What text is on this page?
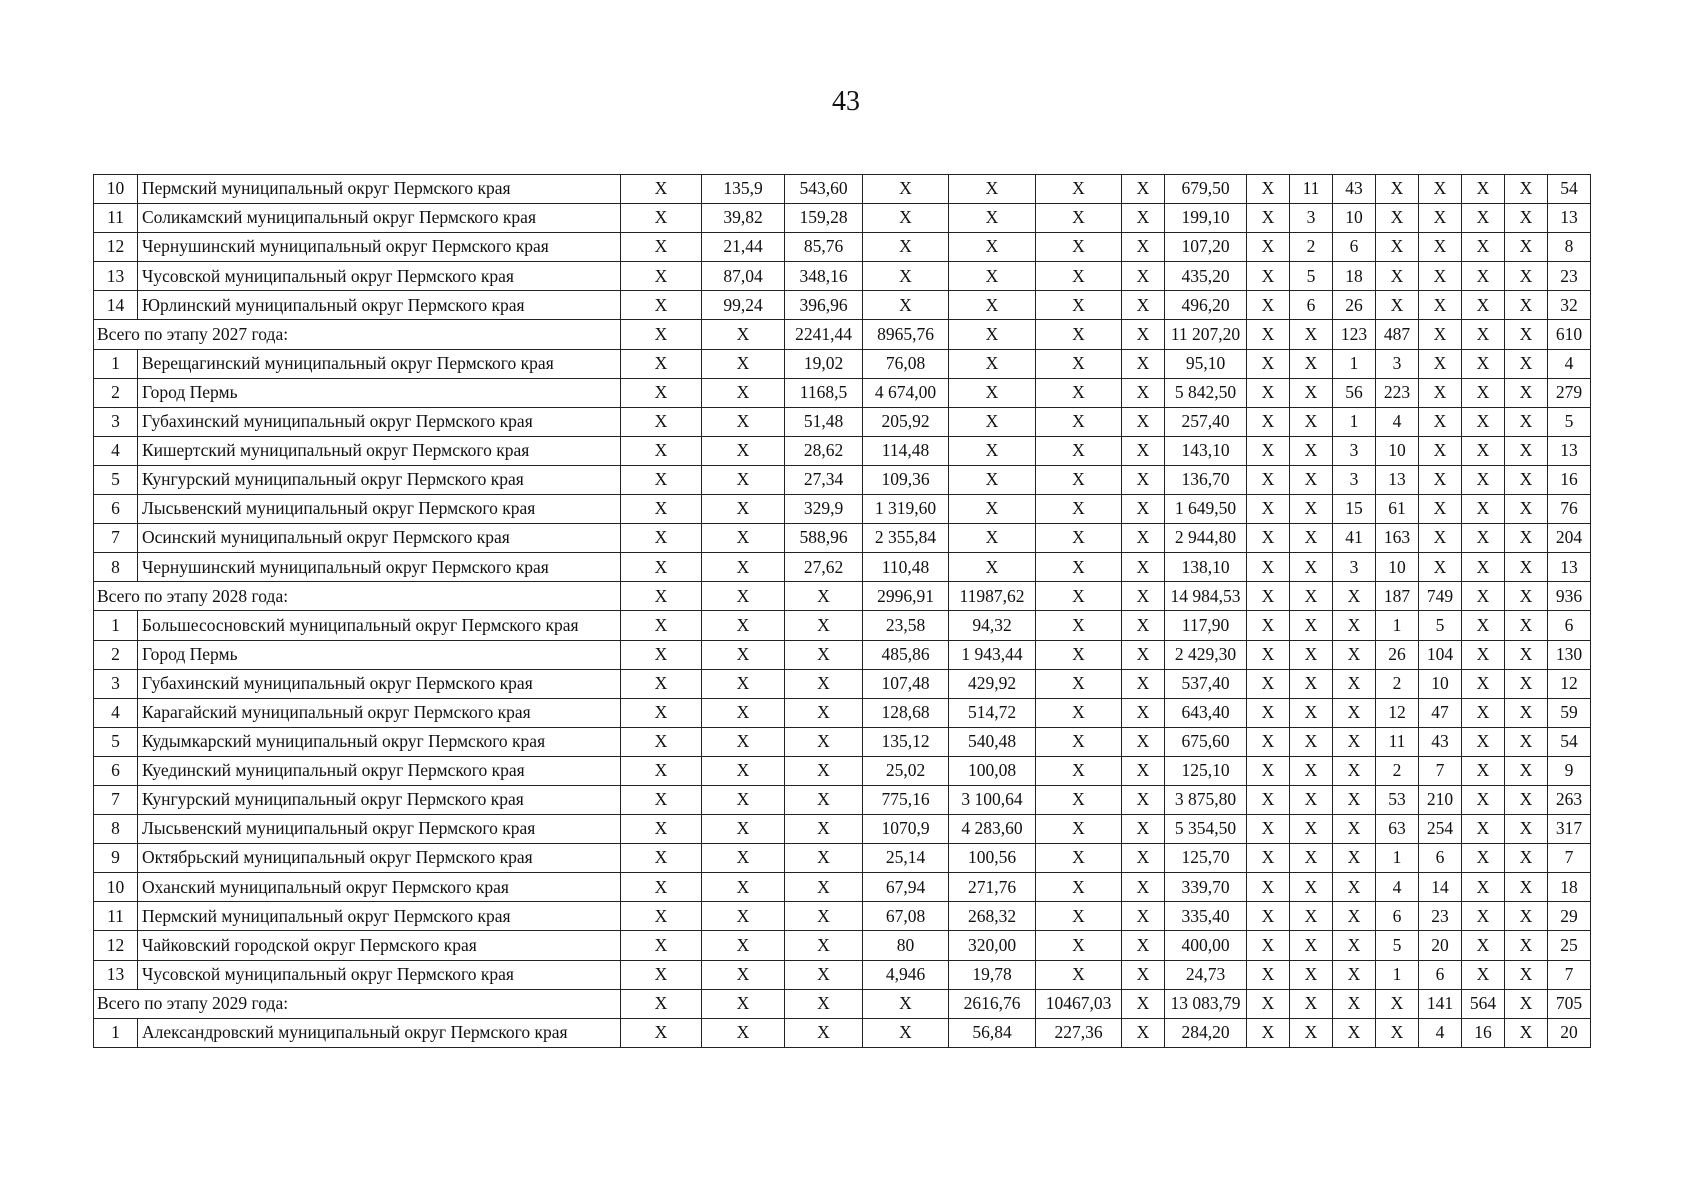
43
10	Пермский муниципальный округ Пермского края	X	135,9	543,60	X	X	X	X	679,50	X	11	43	X	X	X	X	54
11	Соликамский муниципальный округ Пермского края	X	39,82	159,28	X	X	X	X	199,10	X	3	10	X	X	X	X	13
12	Чернушинский муниципальный округ Пермского края	X	21,44	85,76	X	X	X	X	107,20	X	2	6	X	X	X	X	8
13	Чусовской муниципальный округ Пермского края	X	87,04	348,16	X	X	X	X	435,20	X	5	18	X	X	X	X	23
14	Юрлинский муниципальный округ Пермского края	X	99,24	396,96	X	X	X	X	496,20	X	6	26	X	X	X	X	32
Всего по этапу 2027 года:		X	X	2241,44	8965,76	X	X	X	11 207,20	X	X	123	487	X	X	X	610
1	Верещагинский муниципальный округ Пермского края	X	X	19,02	76,08	X	X	X	95,10	X	X	1	3	X	X	X	4
2	Город Пермь	X	X	1168,5	4 674,00	X	X	X	5 842,50	X	X	56	223	X	X	X	279
3	Губахинский муниципальный округ Пермского края	X	X	51,48	205,92	X	X	X	257,40	X	X	1	4	X	X	X	5
4	Кишертский муниципальный округ Пермского края	X	X	28,62	114,48	X	X	X	143,10	X	X	3	10	X	X	X	13
5	Кунгурский муниципальный округ Пермского края	X	X	27,34	109,36	X	X	X	136,70	X	X	3	13	X	X	X	16
6	Лысьвенский муниципальный округ Пермского края	X	X	329,9	1 319,60	X	X	X	1 649,50	X	X	15	61	X	X	X	76
7	Осинский муниципальный округ Пермского края	X	X	588,96	2 355,84	X	X	X	2 944,80	X	X	41	163	X	X	X	204
8	Чернушинский муниципальный округ Пермского края	X	X	27,62	110,48	X	X	X	138,10	X	X	3	10	X	X	X	13
Всего по этапу 2028 года:		X	X	X	2996,91	11987,62	X	X	14 984,53	X	X	X	187	749	X	X	936
1	Большесосновский муниципальный округ Пермского края	X	X	X	23,58	94,32	X	X	117,90	X	X	X	1	5	X	X	6
2	Город Пермь	X	X	X	485,86	1 943,44	X	X	2 429,30	X	X	X	26	104	X	X	130
3	Губахинский муниципальный округ Пермского края	X	X	X	107,48	429,92	X	X	537,40	X	X	X	2	10	X	X	12
4	Карагайский муниципальный округ Пермского края	X	X	X	128,68	514,72	X	X	643,40	X	X	X	12	47	X	X	59
5	Кудымкарский муниципальный округ Пермского края	X	X	X	135,12	540,48	X	X	675,60	X	X	X	11	43	X	X	54
6	Куединский муниципальный округ Пермского края	X	X	X	25,02	100,08	X	X	125,10	X	X	X	2	7	X	X	9
7	Кунгурский муниципальный округ Пермского края	X	X	X	775,16	3 100,64	X	X	3 875,80	X	X	X	53	210	X	X	263
8	Лысьвенский муниципальный округ Пермского края	X	X	X	1070,9	4 283,60	X	X	5 354,50	X	X	X	63	254	X	X	317
9	Октябрьский муниципальный округ Пермского края	X	X	X	25,14	100,56	X	X	125,70	X	X	X	1	6	X	X	7
10	Оханский муниципальный округ Пермского края	X	X	X	67,94	271,76	X	X	339,70	X	X	X	4	14	X	X	18
11	Пермский муниципальный округ Пермского края	X	X	X	67,08	268,32	X	X	335,40	X	X	X	6	23	X	X	29
12	Чайковский городской округ Пермского края	X	X	X	80	320,00	X	X	400,00	X	X	X	5	20	X	X	25
13	Чусовской муниципальный округ Пермского края	X	X	X	4,946	19,78	X	X	24,73	X	X	X	1	6	X	X	7
Всего по этапу 2029 года:		X	X	X	X	2616,76	10467,03	X	13 083,79	X	X	X	X	141	564	X	705
1	Александровский муниципальный округ Пермского края	X	X	X	X	56,84	227,36	X	284,20	X	X	X	X	4	16	X	20
